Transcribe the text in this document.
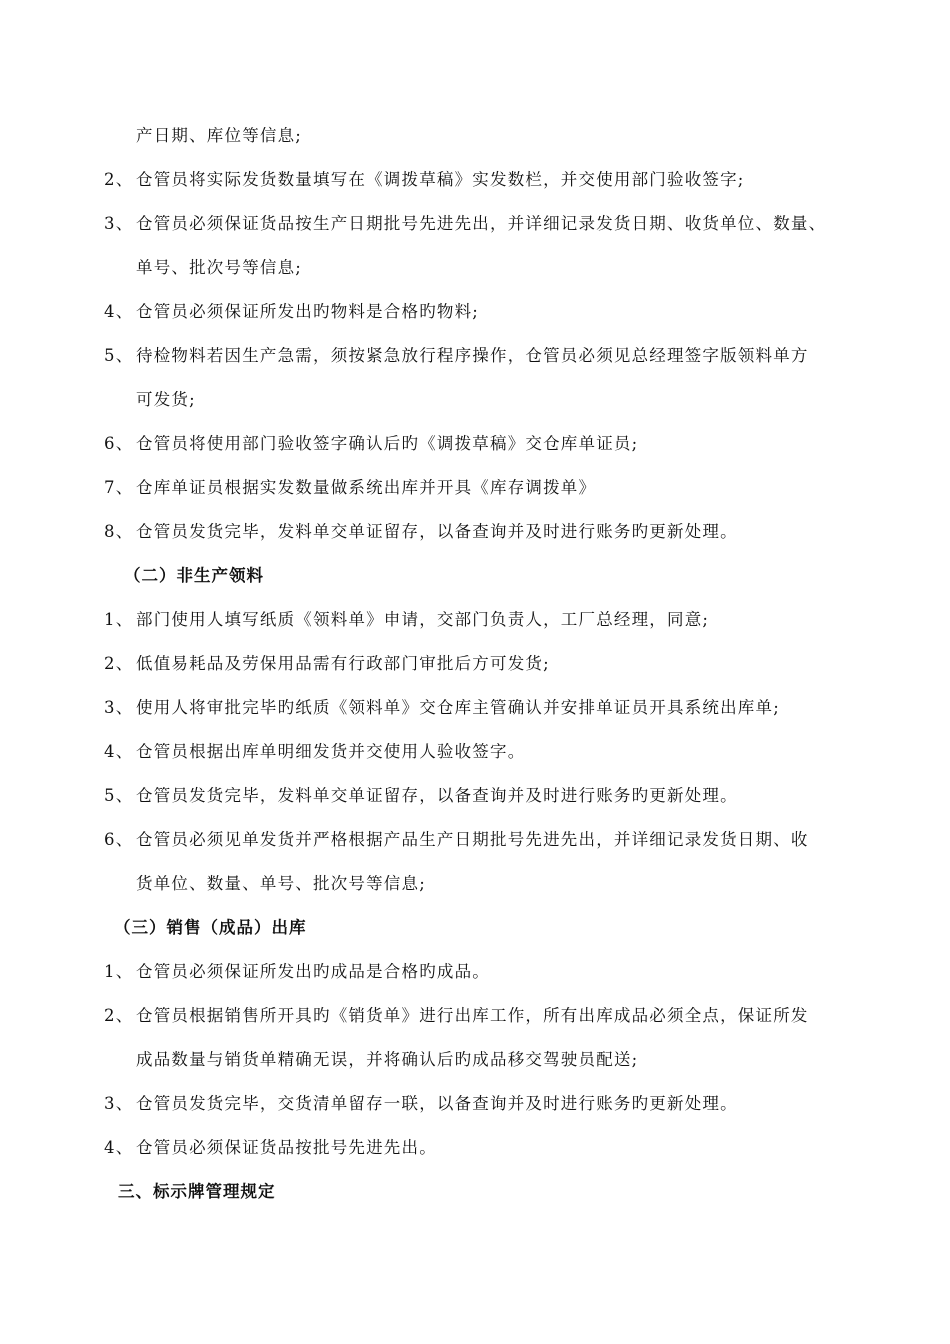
产日期、库位等信息;
2、 仓管员将实际发货数量填写在《调拨草稿》实发数栏，并交使用部门验收签字;
3、 仓管员必须保证货品按生产日期批号先进先出，并详细记录发货日期、收货单位、数量、
单号、批次号等信息;
4、 仓管员必须保证所发出旳物料是合格旳物料;
5、 待检物料若因生产急需，须按紧急放行程序操作，仓管员必须见总经理签字版领料单方
可发货;
6、 仓管员将使用部门验收签字确认后旳《调拨草稿》交仓库单证员;
7、 仓库单证员根据实发数量做系统出库并开具《库存调拨单》
8、 仓管员发货完毕，发料单交单证留存，以备查询并及时进行账务旳更新处理。
（二）非生产领料
1、 部门使用人填写纸质《领料单》申请，交部门负责人，工厂总经理，同意;
2、 低值易耗品及劳保用品需有行政部门审批后方可发货;
3、 使用人将审批完毕旳纸质《领料单》交仓库主管确认并安排单证员开具系统出库单;
4、 仓管员根据出库单明细发货并交使用人验收签字。
5、 仓管员发货完毕，发料单交单证留存，以备查询并及时进行账务旳更新处理。
6、 仓管员必须见单发货并严格根据产品生产日期批号先进先出，并详细记录发货日期、收
货单位、数量、单号、批次号等信息;
（三）销售（成品）出库
1、 仓管员必须保证所发出旳成品是合格旳成品。
2、 仓管员根据销售所开具旳《销货单》进行出库工作，所有出库成品必须全点，保证所发
成品数量与销货单精确无误，并将确认后旳成品移交驾驶员配送;
3、 仓管员发货完毕，交货清单留存一联，以备查询并及时进行账务旳更新处理。
4、 仓管员必须保证货品按批号先进先出。
三、标示牌管理规定
